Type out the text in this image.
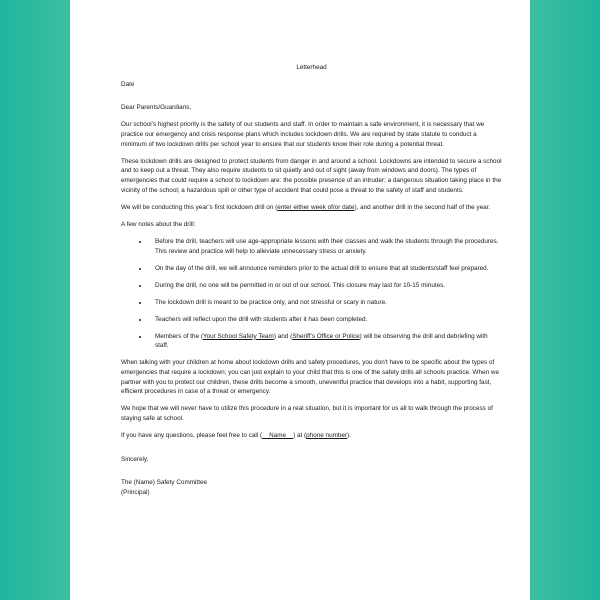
Letterhead

Date

Dear Parents/Guardians,

Our school’s highest priority is the safety of our students and staff. In order to maintain a safe environment, it is necessary that we practice our emergency and crisis response plans which includes lockdown drills. We are required by state statute to conduct a minimum of two lockdown drills per school year to ensure that our students know their role during a potential threat.

These lockdown drills are designed to protect students from danger in and around a school. Lockdowns are intended to secure a school and to keep out a threat. They also require students to sit quietly and out of sight (away from windows and doors). The types of emergencies that could require a school to lockdown are: the possible presence of an intruder; a dangerous situation taking place in the vicinity of the school; a hazardous spill or other type of accident that could pose a threat to the safety of staff and students.

We will be conducting this year’s first lockdown drill on (enter either week of/or date), and another drill in the second half of the year.

A few notes about the drill:

• Before the drill, teachers will use age-appropriate lessons with their classes and walk the students through the procedures. This review and practice will help to alleviate unnecessary stress or anxiety.
• On the day of the drill, we will announce reminders prior to the actual drill to ensure that all students/staff feel prepared.
• During the drill, no one will be permitted in or out of our school. This closure may last for 10-15 minutes.
• The lockdown drill is meant to be practice only, and not stressful or scary in nature.
• Teachers will reflect upon the drill with students after it has been completed.
• Members of the (Your School Safety Team) and (Sheriff’s Office or Police) will be observing the drill and debriefing with staff.

When talking with your children at home about lockdown drills and safety procedures, you don't have to be specific about the types of emergencies that require a lockdown; you can just explain to your child that this is one of the safety drills all schools practice. When we partner with you to protect our children, these drills become a smooth, uneventful practice that develops into a habit, supporting fast, efficient procedures in case of a threat or emergency.

We hope that we will never have to utilize this procedure in a real situation, but it is important for us all to walk through the process of staying safe at school.

If you have any questions, please feel free to call (    Name    ) at (phone number).

Sincerely,

The (Name) Safety Committee

(Principal)
